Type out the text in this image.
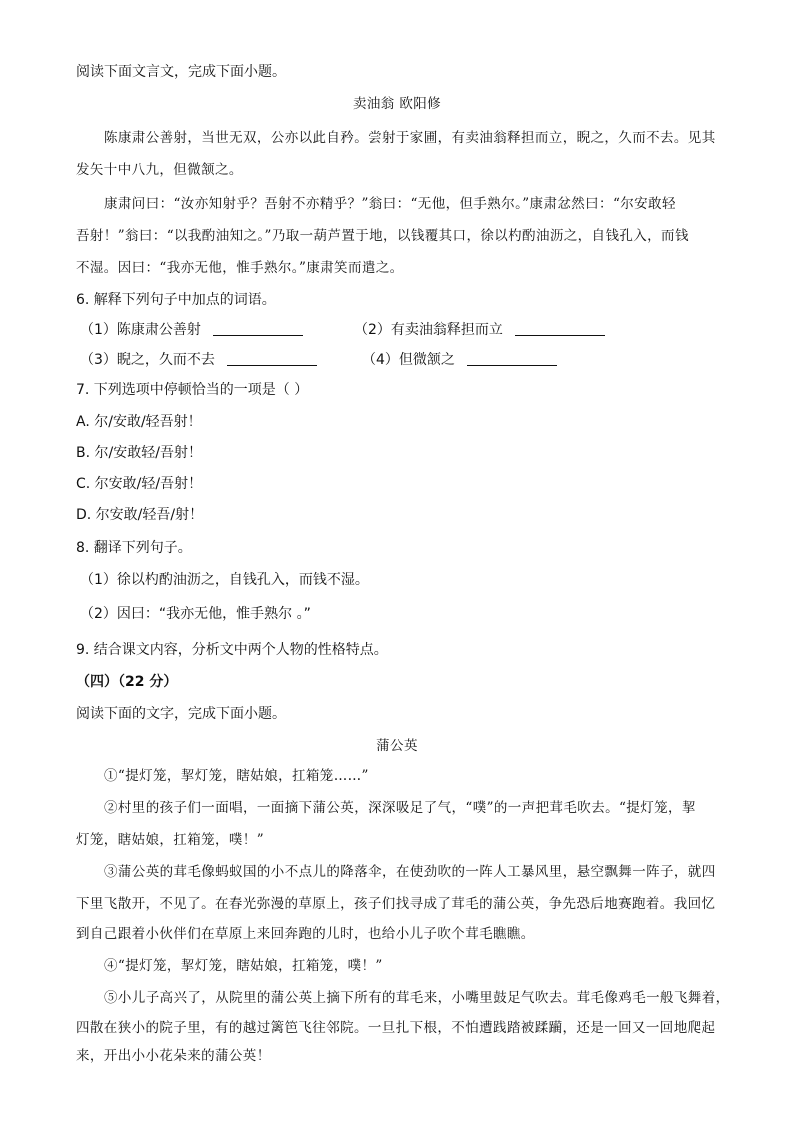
阅读下面文言文，完成下面小题。
卖油翁 欧阳修
陈康肃公善射，当世无双，公亦以此自矜。尝射于家圃，有卖油翁释担而立，睨之，久而不去。见其
发矢十中八九，但微颔之。
康肃问曰：“汝亦知射乎？吾射不亦精乎？”翁曰：“无他，但手熟尔。”康肃忿然曰：“尔安敢轻
吾射！”翁曰：“以我酌油知之。”乃取一葫芦置于地，以钱覆其口，徐以杓酌油沥之，自钱孔入，而钱
不湿。因曰：“我亦无他，惟手熟尔。”康肃笑而遣之。
6. 解释下列句子中加点的词语。
（1）陈康肃公善射	（2）有卖油翁释担而立
（3）睨之，久而不去	（4）但微颔之
7. 下列选项中停顿恰当的一项是（ ）
A. 尔/安敢/轻吾射！
B. 尔/安敢轻/吾射！
C. 尔安敢/轻/吾射！
D. 尔安敢/轻吾/射！
8. 翻译下列句子。
（1）徐以杓酌油沥之，自钱孔入，而钱不湿。
（2）因曰：“我亦无他，惟手熟尔 。”
9. 结合课文内容，分析文中两个人物的性格特点。
（四）（22 分）
阅读下面的文字，完成下面小题。
蒲公英
①“提灯笼，挈灯笼，瞎姑娘，扛箱笼……”
②村里的孩子们一面唱，一面摘下蒲公英，深深吸足了气，“噗”的一声把茸毛吹去。“提灯笼，挈
灯笼，瞎姑娘，扛箱笼，噗！”
③蒲公英的茸毛像蚂蚁国的小不点儿的降落伞，在使劲吹的一阵人工暴风里，悬空飘舞一阵子，就四
下里飞散开，不见了。在春光弥漫的草原上，孩子们找寻成了茸毛的蒲公英，争先恐后地赛跑着。我回忆
到自己跟着小伙伴们在草原上来回奔跑的儿时，也给小儿子吹个茸毛瞧瞧。
④“提灯笼，挈灯笼，瞎姑娘，扛箱笼，噗！”
⑤小儿子高兴了，从院里的蒲公英上摘下所有的茸毛来，小嘴里鼓足气吹去。茸毛像鸡毛一般飞舞着，
四散在狭小的院子里，有的越过篱笆飞往邻院。一旦扎下根，不怕遭践踏被蹂躏，还是一回又一回地爬起
来，开出小小花朵来的蒲公英！
